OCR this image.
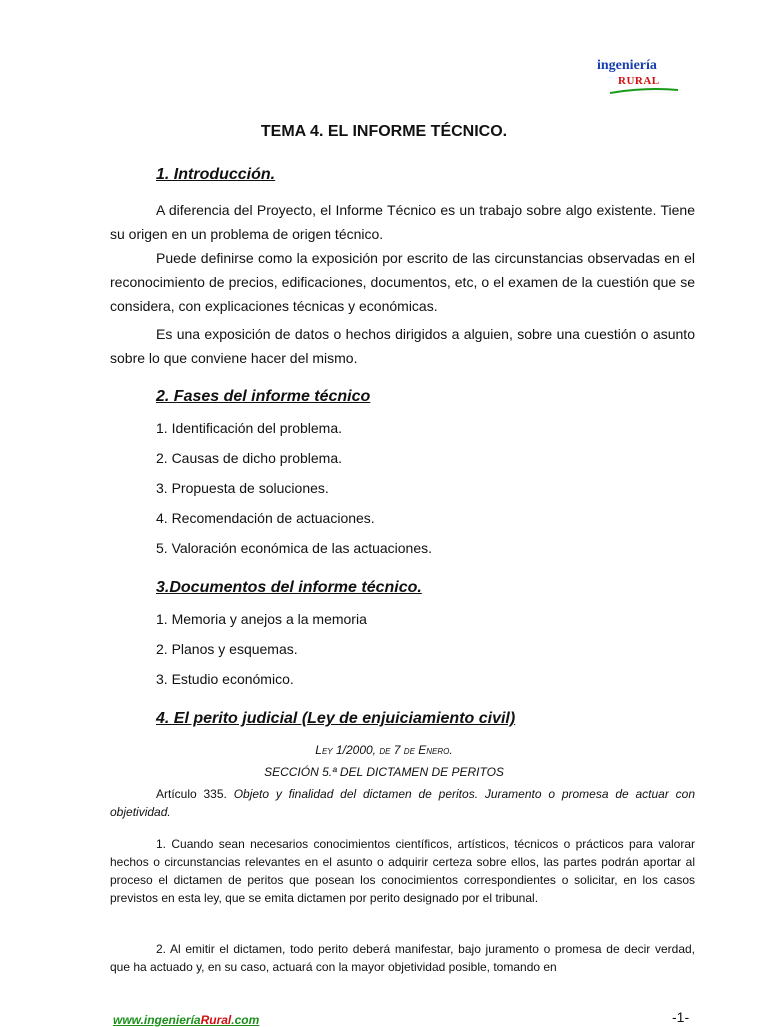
ingeniería
RURAL
TEMA 4. EL INFORME TÉCNICO.
1. Introducción.
A diferencia del Proyecto, el Informe Técnico es un trabajo sobre algo existente. Tiene su origen en un problema de origen técnico.
Puede definirse como la exposición por escrito de las circunstancias observadas en el reconocimiento de precios, edificaciones, documentos, etc, o el examen de la cuestión que se considera, con explicaciones técnicas y económicas.
Es una exposición de datos o hechos dirigidos a alguien, sobre una cuestión o asunto sobre lo que conviene hacer del mismo.
2. Fases del informe técnico
1. Identificación del problema.
2. Causas de dicho problema.
3. Propuesta de soluciones.
4. Recomendación de actuaciones.
5. Valoración económica de las actuaciones.
3.Documentos del informe técnico.
1. Memoria y anejos a la memoria
2. Planos y esquemas.
3. Estudio económico.
4. El perito judicial (Ley de enjuiciamiento civil)
Ley 1/2000, de 7 de Enero.
SECCIÓN 5.ª DEL DICTAMEN DE PERITOS
Artículo 335. Objeto y finalidad del dictamen de peritos. Juramento o promesa de actuar con objetividad.
1. Cuando sean necesarios conocimientos científicos, artísticos, técnicos o prácticos para valorar hechos o circunstancias relevantes en el asunto o adquirir certeza sobre ellos, las partes podrán aportar al proceso el dictamen de peritos que posean los conocimientos correspondientes o solicitar, en los casos previstos en esta ley, que se emita dictamen por perito designado por el tribunal.
2. Al emitir el dictamen, todo perito deberá manifestar, bajo juramento o promesa de decir verdad, que ha actuado y, en su caso, actuará con la mayor objetividad posible, tomando en
www.ingenieríaRural.com	-1-
